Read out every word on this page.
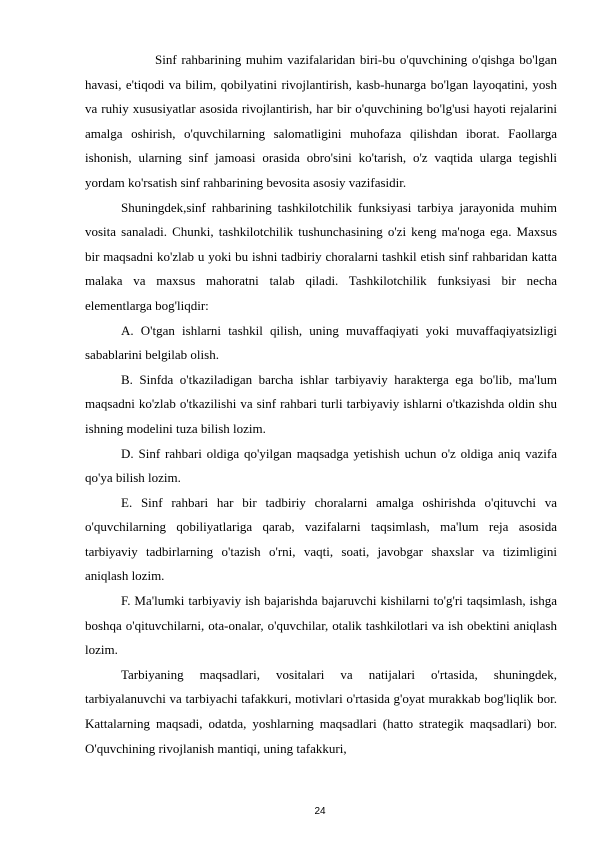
Sinf rahbarining muhim vazifalaridan biri-bu o'quvchining o'qishga bo'lgan havasi, e'tiqodi va bilim, qobilyatini rivojlantirish, kasb-hunarga bo'lgan layoqatini, yosh va ruhiy xususiyatlar asosida rivojlantirish, har bir o'quvchining bo'lg'usi hayoti rejalarini amalga oshirish, o'quvchilarning salomatligini muhofaza qilishdan iborat. Faollarga ishonish, ularning sinf jamoasi orasida obro'sini ko'tarish, o'z vaqtida ularga tegishli yordam ko'rsatish sinf rahbarining bevosita asosiy vazifasidir.

Shuningdek,sinf rahbarining tashkilotchilik funksiyasi tarbiya jarayonida muhim vosita sanaladi. Chunki, tashkilotchilik tushunchasining o'zi keng ma'noga ega. Maxsus bir maqsadni ko'zlab u yoki bu ishni tadbiriy choralarni tashkil etish sinf rahbaridan katta malaka va maxsus mahoratni talab qiladi. Tashkilotchilik funksiyasi bir necha elementlarga bog'liqdir:

A. O'tgan ishlarni tashkil qilish, uning muvaffaqiyati yoki muvaffaqiyatsizligi sabablarini belgilab olish.

B. Sinfda o'tkaziladigan barcha ishlar tarbiyaviy harakterga ega bo'lib, ma'lum maqsadni ko'zlab o'tkazilishi va sinf rahbari turli tarbiyaviy ishlarni o'tkazishda oldin shu ishning modelini tuza bilish lozim.

D. Sinf rahbari oldiga qo'yilgan maqsadga yetishish uchun o'z oldiga aniq vazifa qo'ya bilish lozim.

E. Sinf rahbari har bir tadbiriy choralarni amalga oshirishda o'qituvchi va o'quvchilarning qobiliyatlariga qarab, vazifalarni taqsimlash, ma'lum reja asosida tarbiyaviy tadbirlarning o'tazish o'rni, vaqti, soati, javobgar shaxslar va tizimligini aniqlash lozim.

F. Ma'lumki tarbiyaviy ish bajarishda bajaruvchi kishilarni to'g'ri taqsimlash, ishga boshqa o'qituvchilarni, ota-onalar, o'quvchilar, otalik tashkilotlari va ish obektini aniqlash lozim.

Tarbiyaning maqsadlari, vositalari va natijalari o'rtasida, shuningdek, tarbiyalanuvchi va tarbiyachi tafakkuri, motivlari o'rtasida g'oyat murakkab bog'liqlik bor. Kattalarning maqsadi, odatda, yoshlarning maqsadlari (hatto strategik maqsadlari) bor. O'quvchining rivojlanish mantiqi, uning tafakkuri,

24
